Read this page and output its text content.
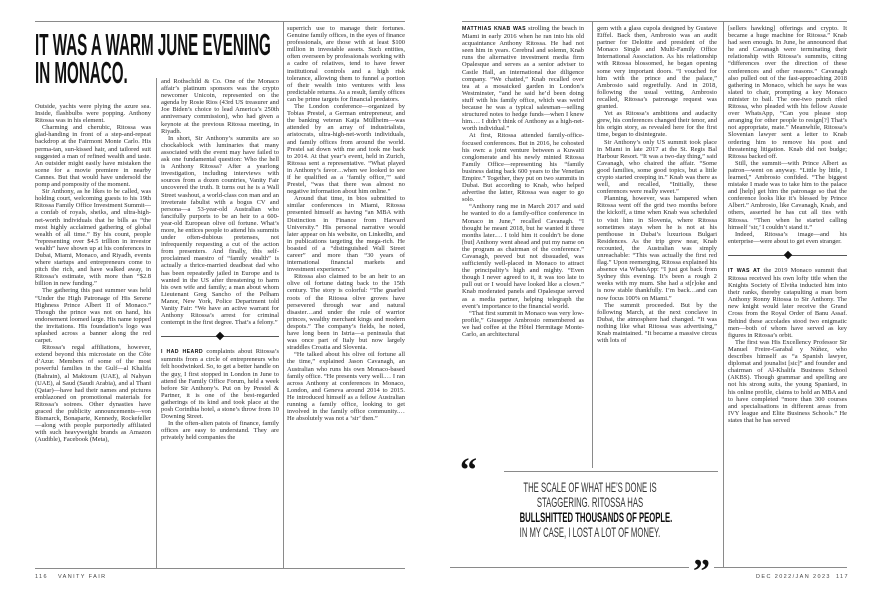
IT WAS A WARM JUNE EVENING
IN MONACO.

Outside, yachts were plying the azure sea. Inside, flashbulbs were popping. Anthony Ritossa was in his element.

Charming and cherubic, Ritossa was glad-handing in front of a step-and-repeat backdrop at the Fairmont Monte Carlo. His perma-tan, sun-kissed hair, and tailored suit suggested a man of refined wealth and taste. An outsider might easily have mistaken the scene for a movie premiere in nearby Cannes. But that would have undersold the pomp and pomposity of the moment.

Sir Anthony, as he likes to be called, was holding court, welcoming guests to his 19th Ritossa Family Office Investment Summit—a confab of royals, sheiks, and ultra-high-net-worth individuals that he bills as “the most highly acclaimed gathering of global wealth of all time.” By his count, people “representing over $4.5 trillion in investor wealth” have shown up at his conferences in Dubai, Miami, Monaco, and Riyadh, events where startups and entrepreneurs come to pitch the rich, and have walked away, in Ritossa’s estimate, with more than “$2.8 billion in new funding.”

The gathering this past summer was held “Under the High Patronage of His Serene Highness Prince Albert II of Monaco.” Though the prince was not on hand, his endorsement loomed large. His name topped the invitations. His foundation’s logo was splashed across a banner along the red carpet.

Ritossa’s regal affiliations, however, extend beyond this microstate on the Côte d’Azur. Members of some of the most powerful families in the Gulf—al Khalifa (Bahrain), al Maktoum (UAE), al Nahyan (UAE), al Saud (Saudi Arabia), and al Thani (Qatar)—have had their names and pictures emblazoned on promotional materials for Ritossa’s soirees. Other dynasties have graced the publicity announcements—von Bismarck, Bonaparte, Kennedy, Rockefeller—along with people purportedly affiliated with such heavyweight brands as Amazon (Audible), Facebook (Meta),

and Rothschild & Co. One of the Monaco affair’s platinum sponsors was the crypto newcomer Unicoin, represented on the agenda by Rosie Rios (43rd US treasurer and Joe Biden’s choice to lead America’s 250th anniversary commission), who had given a keynote at the previous Ritossa meeting, in Riyadh.

In short, Sir Anthony’s summits are so chockablock with luminaries that many associated with the event may have failed to ask one fundamental question: Who the hell is Anthony Ritossa? After a yearlong investigation, including interviews with sources from a dozen countries, Vanity Fair uncovered the truth. It turns out he is a Wall Street washout, a world-class con man and an inveterate fabulist with a bogus CV and persona—a 53-year-old Australian who fancifully purports to be an heir to a 600-year-old European olive oil fortune. What’s more, he entices people to attend his summits under often-dubious pretenses, not infrequently requesting a cut of the action from presenters. And finally, this self-proclaimed maestro of “family wealth” is actually a thrice-married deadbeat dad who has been repeatedly jailed in Europe and is wanted in the US after threatening to harm his own wife and family; a man about whom Lieutenant Greg Sancho of the Pelham Manor, New York, Police Department told Vanity Fair: “We have an active warrant for Anthony Ritossa’s arrest for criminal contempt in the first degree. That’s a felony.”

I HAD HEARD complaints about Ritossa’s summits from a circle of entrepreneurs who felt hoodwinked. So, to get a better handle on the guy, I first stopped in London in June to attend the Family Office Forum, held a week before Sir Anthony’s. Put on by Prestel & Partner, it is one of the best-regarded gatherings of its kind and took place at the posh Corinthia hotel, a stone’s throw from 10 Downing Street.

In the often-alien patois of finance, family offices are easy to understand. They are privately held companies the

superrich use to manage their fortunes. Genuine family offices, in the eyes of finance professionals, are those with at least $100 million in investable assets. Such entities, often overseen by professionals working with a cadre of relatives, tend to have fewer institutional controls and a high risk tolerance, allowing them to funnel a portion of their wealth into ventures with less predictable returns. As a result, family offices can be prime targets for financial predators.

The London conference—organized by Tobias Prestel, a German entrepreneur, and the banking veteran Katja Müllheim—was attended by an array of industrialists, aristocrats, ultra-high-net-worth individuals, and family offices from around the world. Prestel sat down with me and took me back to 2014. At that year’s event, held in Zurich, Ritossa sent a representative. “What played in Anthony’s favor…when we looked to see if he qualified as a ‘family office,’” said Prestel, “was that there was almost no negative information about him online.”

Around that time, in bios submitted to similar conferences in Miami, Ritossa presented himself as having “an MBA with Distinction in Finance from Harvard University.” His personal narrative would later appear on his website, on LinkedIn, and in publications targeting the mega-rich. He boasted of a “distinguished Wall Street career” and more than “30 years of international financial markets and investment experience.”

Ritossa also claimed to be an heir to an olive oil fortune dating back to the 15th century. The story is colorful: “The gnarled roots of the Ritossa olive groves have persevered through war and natural disaster…and under the rule of warrior princes, wealthy merchant kings and modern despots.” The company’s fields, he noted, have long been in Istria—a peninsula that was once part of Italy but now largely straddles Croatia and Slovenia.

“He talked about his olive oil fortune all the time,” explained Jason Cavanagh, an Australian who runs his own Monaco-based family office. “He presents very well.… I ran across Anthony at conferences in Monaco, London, and Geneva around 2014 to 2015. He introduced himself as a fellow Australian running a family office, looking to get involved in the family office community.… He absolutely was not a ‘sir’ then.”

MATTHIAS KNAB WAS strolling the beach in Miami in early 2016 when he ran into his old acquaintance Anthony Ritossa. He had not seen him in years. Cerebral and solemn, Knab runs the alternative investment media firm Opalesque and serves as a senior adviser to Castle Hall, an international due diligence company. “We chatted,” Knab recalled over tea at a mosaicked garden in London’s Westminster, “and he said he’d been doing stuff with his family office, which was weird because he was a typical salesman—selling structured notes to hedge funds—when I knew him.… I didn’t think of Anthony as a high-net-worth individual.”

At first, Ritossa attended family-office-focused conferences. But in 2016, he cohosted his own: a joint venture between a Kuwaiti conglomerate and his newly minted Ritossa Family Office—representing his “family business dating back 600 years to the Venetian Empire.” Together, they put on two summits in Dubai. But according to Knab, who helped advertise the latter, Ritossa was eager to go solo.

“Anthony rang me in March 2017 and said he wanted to do a family-office conference in Monaco in June,” recalled Cavanagh. “I thought he meant 2018, but he wanted it three months later.… I told him it couldn’t be done [but] Anthony went ahead and put my name on the program as chairman of the conference.” Cavanagh, peeved but not dissuaded, was sufficiently well-placed in Monaco to attract the principality’s high and mighty. “Even though I never agreed to it, it was too late to pull out or I would have looked like a clown.” Knab moderated panels and Opalesque served as a media partner, helping telegraph the event’s importance to the financial world.

“That first summit in Monaco was very low-profile,” Giuseppe Ambrosio remembered as we had coffee at the Hôtel Hermitage Monte-Carlo, an architectural

gem with a glass cupola designed by Gustave Eiffel. Back then, Ambrosio was an audit partner for Deloitte and president of the Monaco Single and Multi-Family Office International Association. As his relationship with Ritossa blossomed, he began opening some very important doors. “I vouched for him with the prince and the palace,” Ambrosio said regretfully. And in 2018, following the usual vetting, Ambrosio recalled, Ritossa’s patronage request was granted.

Yet as Ritossa’s ambitions and audacity grew, his conferences changed their tenor, and his origin story, as revealed here for the first time, began to disintegrate.

Sir Anthony’s only US summit took place in Miami in late 2017 at the St. Regis Bal Harbour Resort. “It was a two-day thing,” said Cavanagh, who chaired the affair. “Some good families, some good topics, but a little crypto started creeping in.” Knab was there as well, and recalled, “Initially, these conferences were really sweet.”

Planning, however, was hampered when Ritossa went off the grid two months before the kickoff, a time when Knab was scheduled to visit him in Slovenia, where Ritossa sometimes stays when he is not at his penthouse in Dubai’s luxurious Bulgari Residences. As the trip grew near, Knab recounted, the Australian was simply unreachable: “This was actually the first red flag.” Upon reemerging, Ritossa explained his absence via WhatsApp: “I just got back from Sydney this evening. It’s been a rough 2 weeks with my mum. She had a st[r]oke and is now stable thankfully. I’m back…and can now focus 100% on Miami.”

The summit proceeded. But by the following March, at the next conclave in Dubai, the atmosphere had changed. “It was nothing like what Ritossa was advertising,” Knab maintained. “It became a massive circus with lots of

[sellers hawking] offerings and crypto. It became a huge machine for Ritossa.” Knab had seen enough. In June, he announced that he and Cavanagh were terminating their relationship with Ritossa’s summits, citing “differences over the direction of these conferences and other reasons.” Cavanagh also pulled out of the fast-approaching 2018 gathering in Monaco, which he says he was slated to chair, prompting a key Monaco minister to bail. The one-two punch riled Ritossa, who pleaded with his fellow Aussie over WhatsApp, “Can you please stop arranging for other people to resign[?] That’s not appropriate, mate.” Meanwhile, Ritossa’s Slovenian lawyer sent a letter to Knab ordering him to remove his post and threatening litigation. Knab did not budge; Ritossa backed off.

Still, the summit—with Prince Albert as patron—went on anyway. “Little by little, I learned,” Ambrosio confided. “The biggest mistake I made was to take him to the palace and [help] get him the patronage so that the conference looks like it’s blessed by Prince Albert.” Ambrosio, like Cavanagh, Knab, and others, asserted he has cut all ties with Ritossa. “Then when he started calling himself ‘sir,’ I couldn’t stand it.”

Indeed, Ritossa’s image—and his enterprise—were about to get even stranger.

IT WAS AT the 2019 Monaco summit that Ritossa received his own lofty title when the Knights Society of Elviña inducted him into their ranks, thereby catapulting a man born Anthony Ronny Ritossa to Sir Anthony. The new knight would later receive the Grand Cross from the Royal Order of Banu Assaf. Behind these accolades stood two enigmatic men—both of whom have served as key figures in Ritossa’s orbit.

The first was His Excellency Professor Sir Manuel Freire-Garabal y Núñez, who describes himself as “a Spanish lawyer, diplomat and jounalist [sic]” and founder and chairman of Al-Khalifa Business School (AKBS). Though grammar and spelling are not his strong suits, the young Spaniard, in his online profile, claims to hold an MBA and to have completed “more than 300 courses and specialisations in different areas from IVY league and Elite Business Schools.” He states that he has served

“	THE SCALE OF WHAT HE’S DONE IS
STAGGERING. RITOSSA HAS
BULLSHITTED THOUSANDS OF PEOPLE.
IN MY CASE, I LOST A LOT OF MONEY.
”
116 VANITY FAIR	DEC 2022/JAN 2023 117
